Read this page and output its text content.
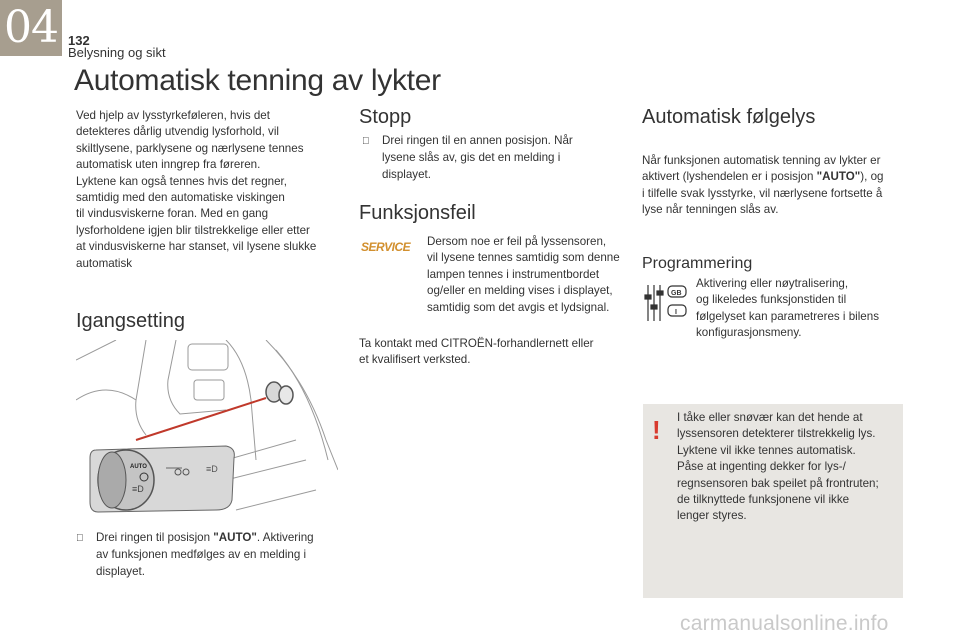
04 132
Belysning og sikt
Automatisk tenning av lykter
Ved hjelp av lysstyrkeføleren, hvis det
detekteres dårlig utvendig lysforhold, vil
skiltlysene, parklysene og nærlysene tennes
automatisk uten inngrep fra føreren.
Lyktene kan også tennes hvis det regner,
samtidig med den automatiske viskingen
til vindusviskerne foran. Med en gang
lysforholdene igjen blir tilstrekkelige eller etter
at vindusviskerne har stanset, vil lysene slukke
automatisk
Igangsetting
≡D
≡D
AUTO
Drei ringen til posisjon "AUTO". Aktivering
av funksjonen medfølges av en melding i
displayet.
Stopp
Drei ringen til en annen posisjon. Når
lysene slås av, gis det en melding i
displayet.
Funksjonsfeil
SERVICE Dersom noe er feil på lyssensoren,
vil lysene tennes samtidig som denne
lampen tennes i instrumentbordet
og/eller en melding vises i displayet,
samtidig som det avgis et lydsignal.
Ta kontakt med CITROËN-forhandlernett eller
et kvalifisert verksted.
Automatisk følgelys
Når funksjonen automatisk tenning av lykter er
aktivert (lyshendelen er i posisjon "AUTO"), og
i tilfelle svak lysstyrke, vil nærlysene fortsette å
lyse når tenningen slås av.
Programmering
GB
I
Aktivering eller nøytralisering,
og likeledes funksjonstiden til
følgelyset kan parametreres i bilens
konfigurasjonsmeny.
!	I tåke eller snøvær kan det hende at
lyssensoren detekterer tilstrekkelig lys.
Lyktene vil ikke tennes automatisk.
Påse at ingenting dekker for lys-/
regnsensoren bak speilet på frontruten;
de tilknyttede funksjonene vil ikke
lenger styres.
carmanualsonline.info
